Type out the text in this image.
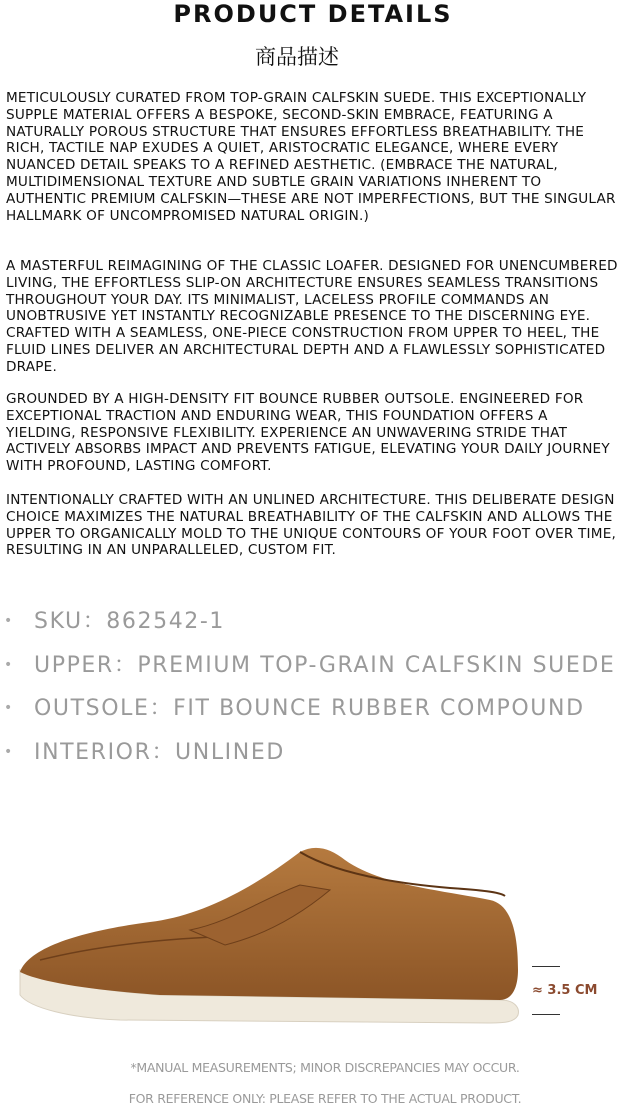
PRODUCT DETAILS
商品描述

METICULOUSLY CURATED FROM TOP-GRAIN CALFSKIN SUEDE. THIS EXCEPTIONALLY SUPPLE MATERIAL OFFERS A BESPOKE, SECOND-SKIN EMBRACE, FEATURING A NATURALLY POROUS STRUCTURE THAT ENSURES EFFORTLESS BREATHABILITY. THE RICH, TACTILE NAP EXUDES A QUIET, ARISTOCRATIC ELEGANCE, WHERE EVERY NUANCED DETAIL SPEAKS TO A REFINED AESTHETIC. (EMBRACE THE NATURAL, MULTIDIMENSIONAL TEXTURE AND SUBTLE GRAIN VARIATIONS INHERENT TO AUTHENTIC PREMIUM CALFSKIN—THESE ARE NOT IMPERFECTIONS, BUT THE SINGULAR HALLMARK OF UNCOMPROMISED NATURAL ORIGIN.)

A MASTERFUL REIMAGINING OF THE CLASSIC LOAFER. DESIGNED FOR UNENCUMBERED LIVING, THE EFFORTLESS SLIP-ON ARCHITECTURE ENSURES SEAMLESS TRANSITIONS THROUGHOUT YOUR DAY. ITS MINIMALIST, LACELESS PROFILE COMMANDS AN UNOBTRUSIVE YET INSTANTLY RECOGNIZABLE PRESENCE TO THE DISCERNING EYE. CRAFTED WITH A SEAMLESS, ONE-PIECE CONSTRUCTION FROM UPPER TO HEEL, THE FLUID LINES DELIVER AN ARCHITECTURAL DEPTH AND A FLAWLESSLY SOPHISTICATED DRAPE.

GROUNDED BY A HIGH-DENSITY FIT BOUNCE RUBBER OUTSOLE. ENGINEERED FOR EXCEPTIONAL TRACTION AND ENDURING WEAR, THIS FOUNDATION OFFERS A YIELDING, RESPONSIVE FLEXIBILITY. EXPERIENCE AN UNWAVERING STRIDE THAT ACTIVELY ABSORBS IMPACT AND PREVENTS FATIGUE, ELEVATING YOUR DAILY JOURNEY WITH PROFOUND, LASTING COMFORT.

INTENTIONALLY CRAFTED WITH AN UNLINED ARCHITECTURE. THIS DELIBERATE DESIGN CHOICE MAXIMIZES THE NATURAL BREATHABILITY OF THE CALFSKIN AND ALLOWS THE UPPER TO ORGANICALLY MOLD TO THE UNIQUE CONTOURS OF YOUR FOOT OVER TIME, RESULTING IN AN UNPARALLELED, CUSTOM FIT.

• SKU：862542-1
• UPPER：PREMIUM TOP-GRAIN CALFSKIN SUEDE
• OUTSOLE：FIT BOUNCE RUBBER COMPOUND
• INTERIOR：UNLINED
≈ 3.5 CM
*MANUAL MEASUREMENTS; MINOR DISCREPANCIES MAY OCCUR.
FOR REFERENCE ONLY: PLEASE REFER TO THE ACTUAL PRODUCT.
